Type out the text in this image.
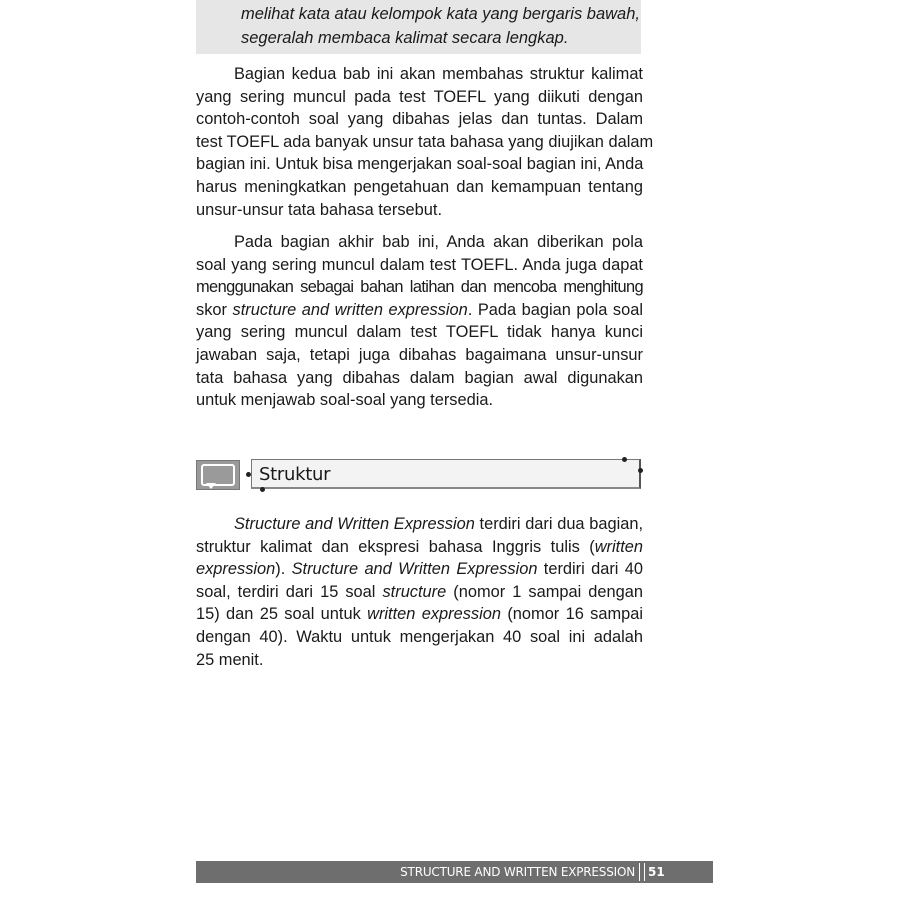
melihat kata atau kelompok kata yang bergaris bawah,
segeralah membaca kalimat secara lengkap.
Bagian kedua bab ini akan membahas struktur kalimat
yang sering muncul pada test TOEFL yang diikuti dengan
contoh-contoh soal yang dibahas jelas dan tuntas. Dalam
test TOEFL ada banyak unsur tata bahasa yang diujikan dalam
bagian ini. Untuk bisa mengerjakan soal-soal bagian ini, Anda
harus meningkatkan pengetahuan dan kemampuan tentang
unsur-unsur tata bahasa tersebut.
Pada bagian akhir bab ini, Anda akan diberikan pola
soal yang sering muncul dalam test TOEFL. Anda juga dapat
menggunakan sebagai bahan latihan dan mencoba menghitung
skor structure and written expression. Pada bagian pola soal
yang sering muncul dalam test TOEFL tidak hanya kunci
jawaban saja, tetapi juga dibahas bagaimana unsur-unsur
tata bahasa yang dibahas dalam bagian awal digunakan
untuk menjawab soal-soal yang tersedia.
Struktur
Structure and Written Expression terdiri dari dua bagian,
struktur kalimat dan ekspresi bahasa Inggris tulis (written
expression). Structure and Written Expression terdiri dari 40
soal, terdiri dari 15 soal structure (nomor 1 sampai dengan
15) dan 25 soal untuk written expression (nomor 16 sampai
dengan 40). Waktu untuk mengerjakan 40 soal ini adalah
25 menit.
STRUCTURE AND WRITTEN EXPRESSION 51
